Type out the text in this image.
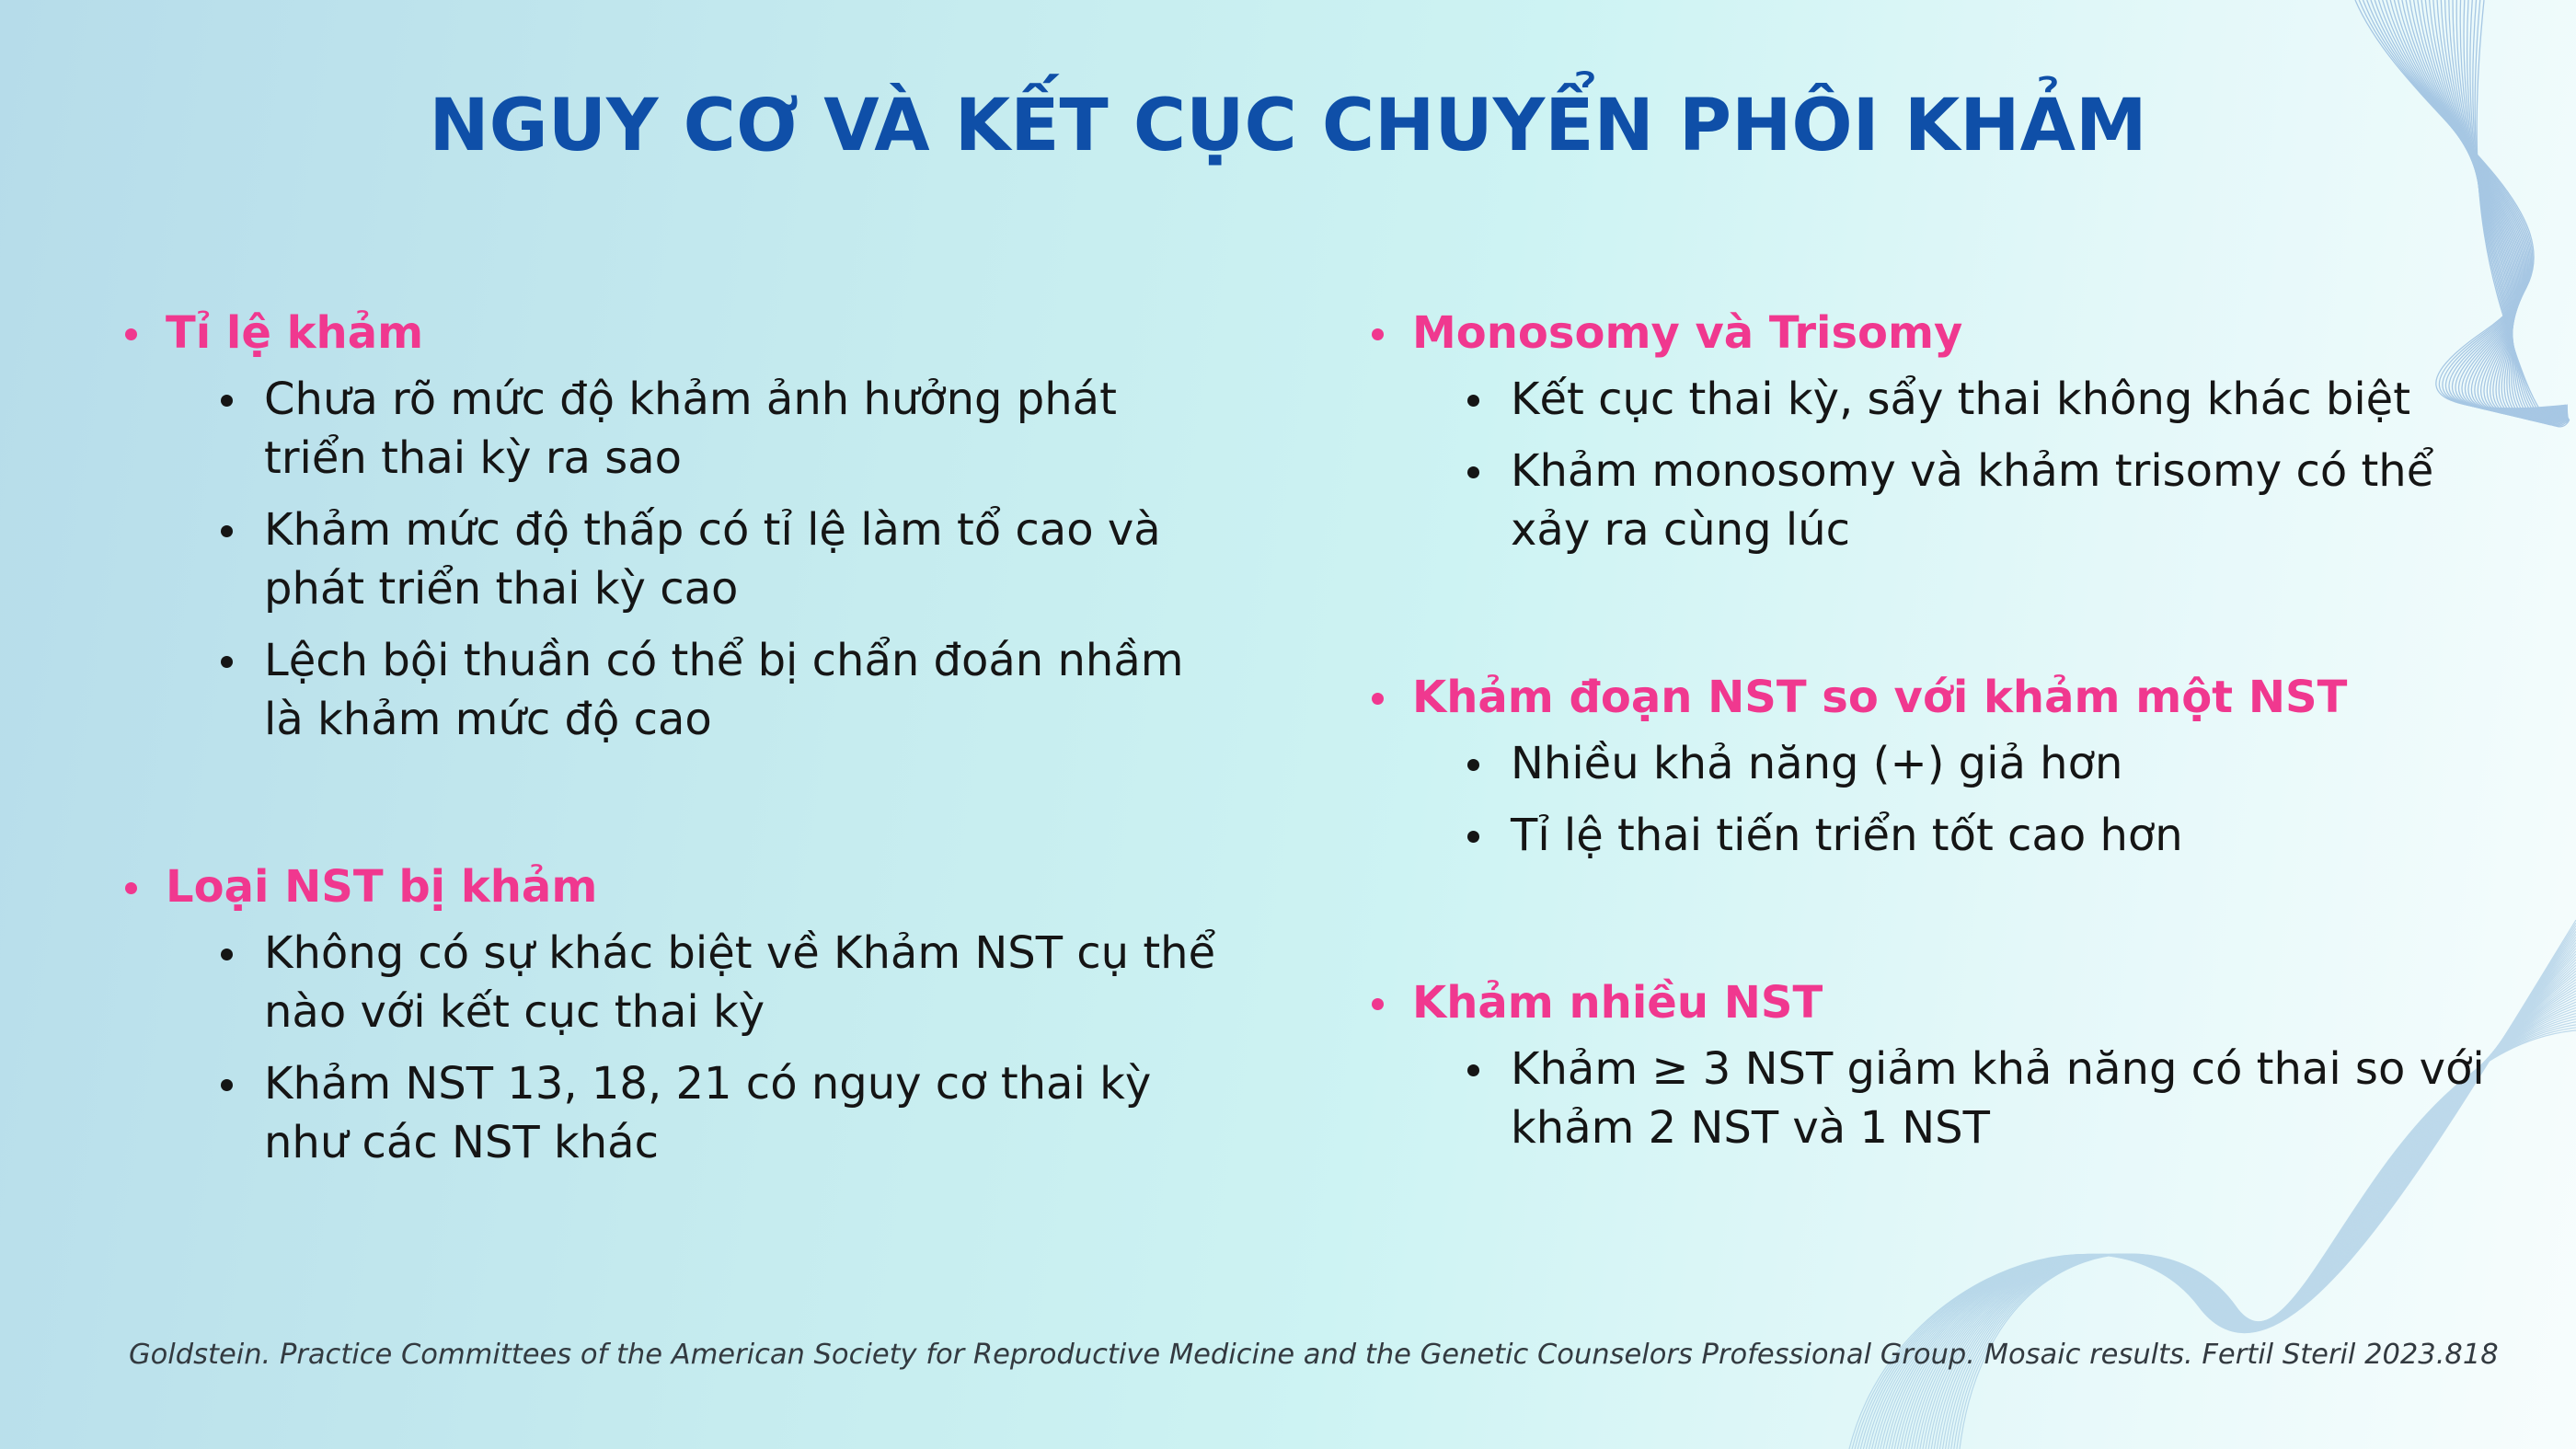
NGUY CƠ VÀ KẾT CỤC CHUYỂN PHÔI KHẢM
Tỉ lệ khảm
Chưa rõ mức độ khảm ảnh hưởng phát triển thai kỳ ra sao
Khảm mức độ thấp có tỉ lệ làm tổ cao và phát triển thai kỳ cao
Lệch bội thuần có thể bị chẩn đoán nhầm là khảm mức độ cao
Loại NST bị khảm
Không có sự khác biệt về Khảm NST cụ thể nào với kết cục thai kỳ
Khảm NST 13, 18, 21 có nguy cơ thai kỳ như các NST khác
Monosomy và Trisomy
Kết cục thai kỳ, sẩy thai không khác biệt
Khảm monosomy và khảm trisomy có thể xảy ra cùng lúc
Khảm đoạn NST so với khảm một NST
Nhiều khả năng (+) giả hơn
Tỉ lệ thai tiến triển tốt cao hơn
Khảm nhiều NST
Khảm ≥ 3 NST giảm khả năng có thai so với khảm 2 NST và 1 NST
Goldstein. Practice Committees of the American Society for Reproductive Medicine and the Genetic Counselors Professional Group. Mosaic results. Fertil Steril 2023.818
